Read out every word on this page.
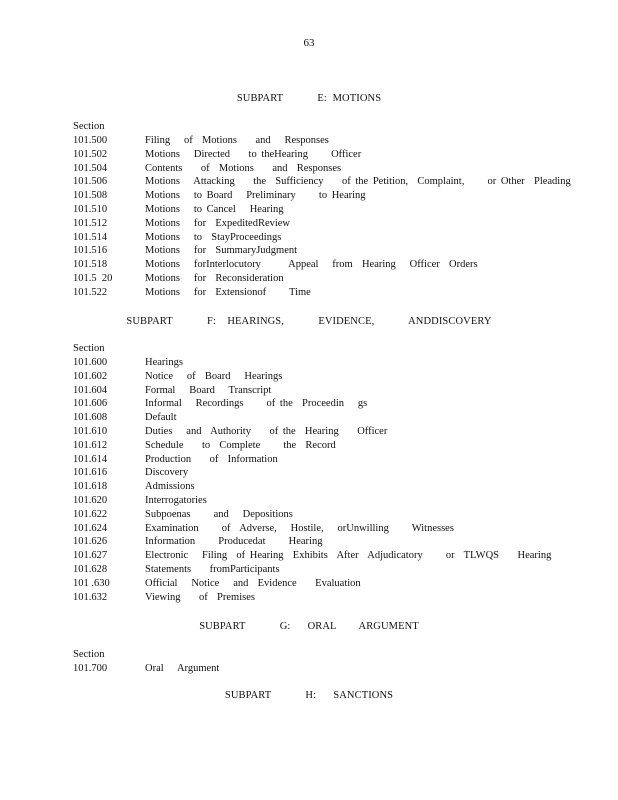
63
SUBPART      E: MOTIONS
Section
101.500	Filing   of  Motions    and   Responses
101.502	Motions   Directed    to theHearing     Officer
101.504	Contents    of  Motions    and  Responses
101.506	Motions   Attacking    the  Sufficiency    of the Petition,  Complaint,     or Other  Pleading
101.508	Motions   to Board   Preliminary     to Hearing
101.510	Motions   to Cancel   Hearing
101.512	Motions   for  ExpeditedReview
101.514	Motions   to  StayProceedings
101.516	Motions   for  SummaryJudgment
101.518	Motions   forInterlocutory      Appeal   from  Hearing   Officer  Orders
101.5  20	Motions   for  Reconsideration
101.522	Motions   for  Extensionof     Time
SUBPART      F:  HEARINGS,      EVIDENCE,      ANDDISCOVERY
Section
101.600	Hearings
101.602	Notice   of  Board   Hearings
101.604	Formal   Board   Transcript
101.606	Informal   Recordings     of the  Proceedin   gs
101.608	Default
101.610	Duties   and  Authority    of the  Hearing    Officer
101.612	Schedule    to  Complete     the  Record
101.614	Production    of  Information
101.616	Discovery
101.618	Admissions
101.620	Interrogatories
101.622	Subpoenas     and   Depositions
101.624	Examination     of  Adverse,   Hostile,   orUnwilling     Witnesses
101.626	Information     Producedat     Hearing
101.627	Electronic   Filing  of Hearing  Exhibits  After  Adjudicatory     or  TLWQS    Hearing
101.628	Statements    fromParticipants
101 .630	Official   Notice   and  Evidence    Evaluation
101.632	Viewing    of  Premises
SUBPART      G:   ORAL    ARGUMENT
Section
101.700	Oral   Argument
SUBPART      H:   SANCTIONS
